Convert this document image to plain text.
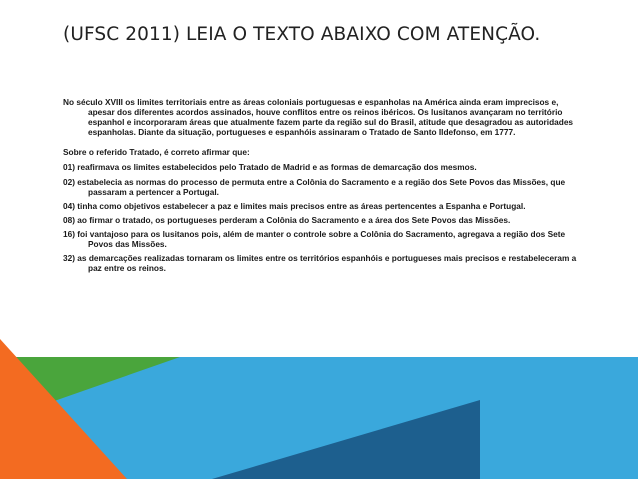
(UFSC 2011) LEIA O TEXTO ABAIXO COM ATENÇÃO.

No século XVIII os limites territoriais entre as áreas coloniais portuguesas e espanholas na América ainda eram imprecisos e, apesar dos diferentes acordos assinados, houve conflitos entre os reinos ibéricos. Os lusitanos avançaram no território espanhol e incorporaram áreas que atualmente fazem parte da região sul do Brasil, atitude que desagradou as autoridades espanholas. Diante da situação, portugueses e espanhóis assinaram o Tratado de Santo Ildefonso, em 1777.

Sobre o referido Tratado, é correto afirmar que:

01) reafirmava os limites estabelecidos pelo Tratado de Madrid e as formas de demarcação dos mesmos.

02) estabelecia as normas do processo de permuta entre a Colônia do Sacramento e a região dos Sete Povos das Missões, que passaram a pertencer a Portugal.

04) tinha como objetivos estabelecer a paz e limites mais precisos entre as áreas pertencentes a Espanha e Portugal.

08) ao firmar o tratado, os portugueses perderam a Colônia do Sacramento e a área dos Sete Povos das Missões.

16) foi vantajoso para os lusitanos pois, além de manter o controle sobre a Colônia do Sacramento, agregava a região dos Sete Povos das Missões.

32) as demarcações realizadas tornaram os limites entre os territórios espanhóis e portugueses mais precisos e restabeleceram a paz entre os reinos.
